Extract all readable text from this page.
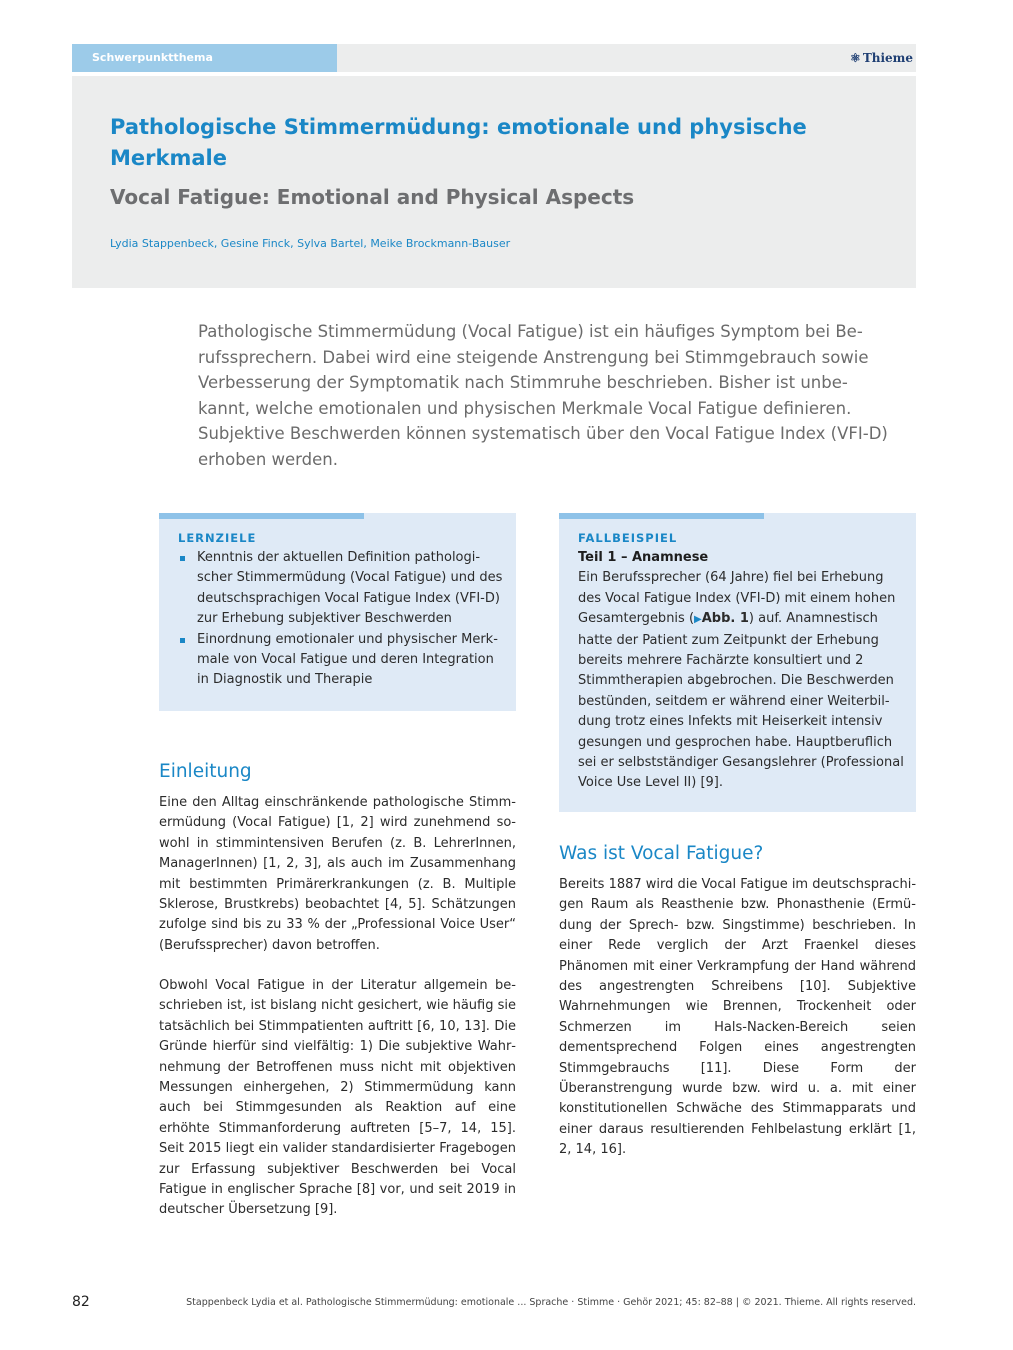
Schwerpunktthema	⚛ Thieme
Pathologische Stimmermüdung: emotionale und physische Merkmale
Vocal Fatigue: Emotional and Physical Aspects
Lydia Stappenbeck, Gesine Finck, Sylva Bartel, Meike Brockmann-Bauser
Pathologische Stimmermüdung (Vocal Fatigue) ist ein häufiges Symptom bei Berufssprechern. Dabei wird eine steigende Anstrengung bei Stimmgebrauch sowie Verbesserung der Symptomatik nach Stimmruhe beschrieben. Bisher ist unbekannt, welche emotionalen und physischen Merkmale Vocal Fatigue definieren. Subjektive Beschwerden können systematisch über den Vocal Fatigue Index (VFI-D) erhoben werden.
LERNZIELE
Kenntnis der aktuellen Definition pathologischer Stimmermüdung (Vocal Fatigue) und des deutschsprachigen Vocal Fatigue Index (VFI-D) zur Erhebung subjektiver Beschwerden
Einordnung emotionaler und physischer Merkmale von Vocal Fatigue und deren Integration in Diagnostik und Therapie
FALLBEISPIEL
Teil 1 – Anamnese
Ein Berufssprecher (64 Jahre) fiel bei Erhebung des Vocal Fatigue Index (VFI-D) mit einem hohen Gesamtergebnis (▶Abb. 1) auf. Anamnestisch hatte der Patient zum Zeitpunkt der Erhebung bereits mehrere Fachärzte konsultiert und 2 Stimmtherapien abgebrochen. Die Beschwerden bestünden, seitdem er während einer Weiterbildung trotz eines Infekts mit Heiserkeit intensiv gesungen und gesprochen habe. Hauptberuflich sei er selbstständiger Gesangslehrer (Professional Voice Use Level II) [9].
Einleitung
Eine den Alltag einschränkende pathologische Stimmermüdung (Vocal Fatigue) [1, 2] wird zunehmend sowohl in stimmintensiven Berufen (z. B. LehrerInnen, ManagerInnen) [1, 2, 3], als auch im Zusammenhang mit bestimmten Primärerkrankungen (z. B. Multiple Sklerose, Brustkrebs) beobachtet [4, 5]. Schätzungen zufolge sind bis zu 33 % der „Professional Voice User“ (Berufssprecher) davon betroffen.
Obwohl Vocal Fatigue in der Literatur allgemein beschrieben ist, ist bislang nicht gesichert, wie häufig sie tatsächlich bei Stimmpatienten auftritt [6, 10, 13]. Die Gründe hierfür sind vielfältig: 1) Die subjektive Wahrnehmung der Betroffenen muss nicht mit objektiven Messungen einhergehen, 2) Stimmermüdung kann auch bei Stimmgesunden als Reaktion auf eine erhöhte Stimmanforderung auftreten [5–7, 14, 15]. Seit 2015 liegt ein valider standardisierter Fragebogen zur Erfassung subjektiver Beschwerden bei Vocal Fatigue in englischer Sprache [8] vor, und seit 2019 in deutscher Übersetzung [9].
Was ist Vocal Fatigue?
Bereits 1887 wird die Vocal Fatigue im deutschsprachigen Raum als Reasthenie bzw. Phonasthenie (Ermüdung der Sprech- bzw. Singstimme) beschrieben. In einer Rede verglich der Arzt Fraenkel dieses Phänomen mit einer Verkrampfung der Hand während des angestrengten Schreibens [10]. Subjektive Wahrnehmungen wie Brennen, Trockenheit oder Schmerzen im Hals-Nacken-Bereich seien dementsprechend Folgen eines angestrengten Stimmgebrauchs [11]. Diese Form der Überanstrengung wurde bzw. wird u. a. mit einer konstitutionellen Schwäche des Stimmapparats und einer daraus resultierenden Fehlbelastung erklärt [1, 2, 14, 16].
82	Stappenbeck Lydia et al. Pathologische Stimmermüdung: emotionale ... Sprache · Stimme · Gehör 2021; 45: 82–88 | © 2021. Thieme. All rights reserved.
